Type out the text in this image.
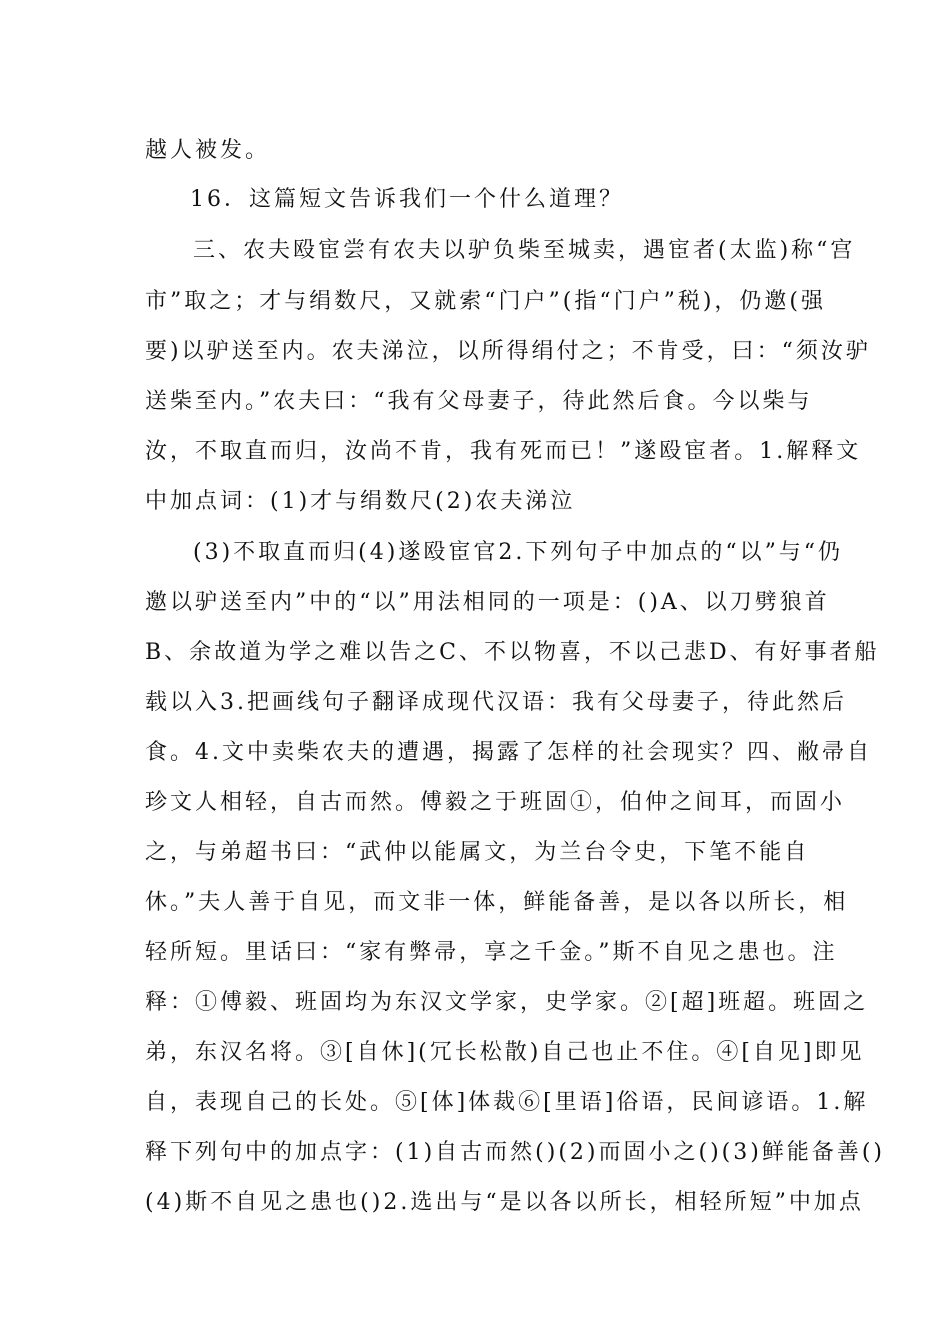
越人被发。
16．这篇短文告诉我们一个什么道理？
三、农夫殴宦尝有农夫以驴负柴至城卖，遇宦者(太监)称“宫
市”取之；才与绢数尺，又就索“门户”(指“门户”税)，仍邀(强
要)以驴送至内。农夫涕泣，以所得绢付之；不肯受，曰：“须汝驴
送柴至内。”农夫曰：“我有父母妻子，待此然后食。今以柴与
汝，不取直而归，汝尚不肯，我有死而已！”遂殴宦者。1.解释文
中加点词：(1)才与绢数尺(2)农夫涕泣
(3)不取直而归(4)遂殴宦官2.下列句子中加点的“以”与“仍
邀以驴送至内”中的“以”用法相同的一项是：()A、以刀劈狼首
B、余故道为学之难以告之C、不以物喜，不以己悲D、有好事者船
载以入3.把画线句子翻译成现代汉语：我有父母妻子，待此然后
食。4.文中卖柴农夫的遭遇，揭露了怎样的社会现实？四、敝帚自
珍文人相轻，自古而然。傅毅之于班固①，伯仲之间耳，而固小
之，与弟超书曰：“武仲以能属文，为兰台令史，下笔不能自
休。”夫人善于自见，而文非一体，鲜能备善，是以各以所长，相
轻所短。里话曰：“家有弊帚，享之千金。”斯不自见之患也。注
释：①傅毅、班固均为东汉文学家，史学家。②[超]班超。班固之
弟，东汉名将。③[自休](冗长松散)自己也止不住。④[自见]即见
自，表现自己的长处。⑤[体]体裁⑥[里语]俗语，民间谚语。1.解
释下列句中的加点字：(1)自古而然()(2)而固小之()(3)鲜能备善()
(4)斯不自见之患也()2.选出与“是以各以所长，相轻所短”中加点
